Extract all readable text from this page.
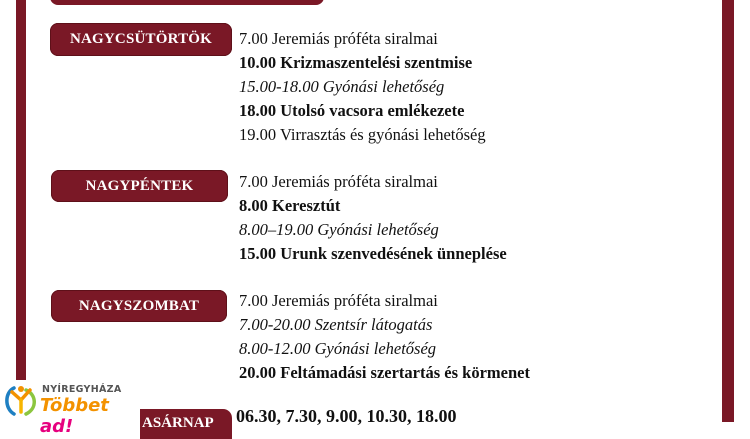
NAGYCSÜTÖRTÖK 7.00 Jeremiás próféta siralmai
10.00 Krizmaszentelési szentmise
15.00-18.00 Gyónási lehetőség
18.00 Utolsó vacsora emlékezete
19.00 Virrasztás és gyónási lehetőség
NAGYPÉNTEK	7.00 Jeremiás próféta siralmai
8.00 Keresztút
8.00–19.00 Gyónási lehetőség
15.00 Urunk szenvedésének ünneplése
NAGYSZOMBAT 7.00 Jeremiás próféta siralmai
7.00-20.00 Szentsír látogatás
8.00-12.00 Gyónási lehetőség
20.00 Feltámadási szertartás és körmenet
ASÁRNAP 06.30, 7.30, 9.00, 10.30, 18.00
NYÍREGYHÁZA
Többet ad!
